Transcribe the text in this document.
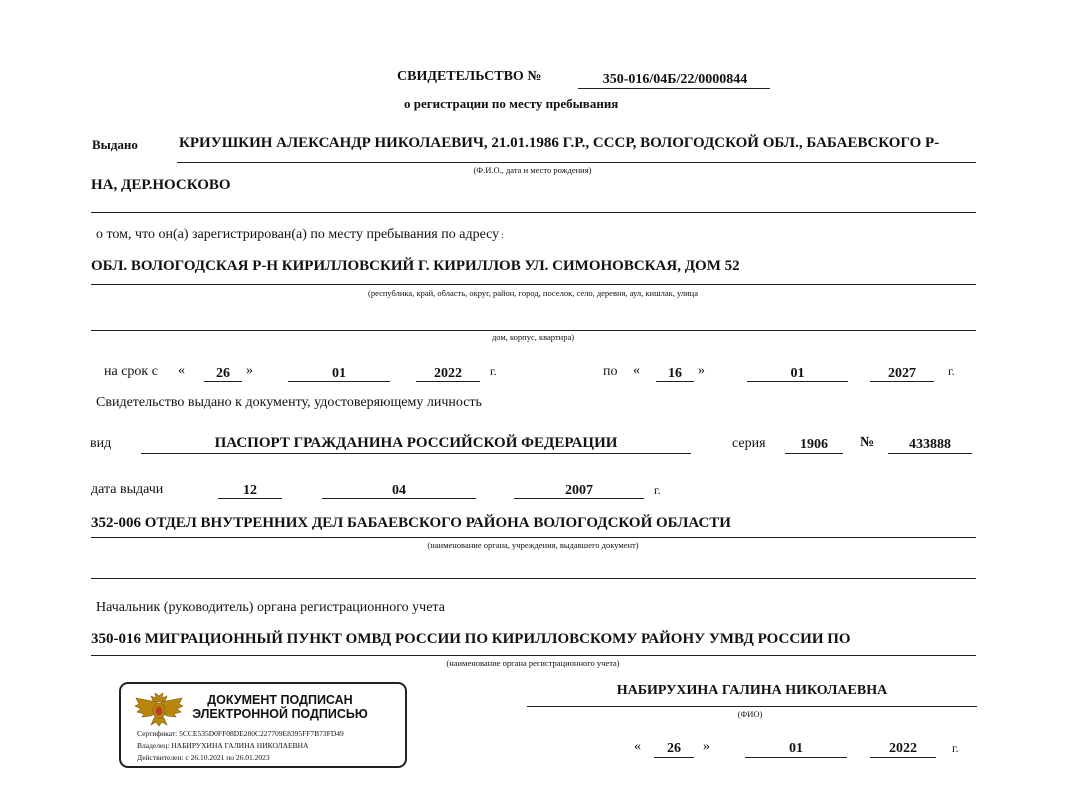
СВИДЕТЕЛЬСТВО №	350-016/04Б/22/0000844
о регистрации по месту пребывания
Выдано	КРИУШКИН АЛЕКСАНДР НИКОЛАЕВИЧ, 21.01.1986 Г.Р., СССР, ВОЛОГОДСКОЙ ОБЛ., БАБАЕВСКОГО Р-
(Ф.И.О., дата и место рождения)
НА, ДЕР.НОСКОВО
о том, что он(а) зарегистрирован(а) по месту пребывания по адресу :
ОБЛ. ВОЛОГОДСКАЯ Р-Н КИРИЛЛОВСКИЙ Г. КИРИЛЛОВ УЛ. СИМОНОВСКАЯ, ДОМ 52
(республика, край, область, округ, район, город, поселок, село, деревня, аул, кишлак, улица
дом, корпус, квартира)
на срок с «	26	»	01	2022	г.	по «	16	»	01	2027	г.
Свидетельство выдано к документу, удостоверяющему личность
вид	ПАСПОРТ ГРАЖДАНИНА РОССИЙСКОЙ ФЕДЕРАЦИИ	серия	1906	№	433888
дата выдачи	12	04	2007	г.
352-006 ОТДЕЛ ВНУТРЕННИХ ДЕЛ БАБАЕВСКОГО РАЙОНА ВОЛОГОДСКОЙ ОБЛАСТИ
(наименование органа, учреждения, выдавшего документ)
Начальник (руководитель) органа регистрационного учета
350-016 МИГРАЦИОННЫЙ ПУНКТ ОМВД РОССИИ ПО КИРИЛЛОВСКОМУ РАЙОНУ УМВД РОССИИ ПО
(наименование органа регистрационного учета)
НАБИРУХИНА ГАЛИНА НИКОЛАЕВНА
(ФИО)
«	26	»	01	2022	г.
ДОКУМЕНТ ПОДПИСАН
ЭЛЕКТРОННОЙ ПОДПИСЬЮ
Сертификат: 5CCE535D0FF08DE280C227709E8395FF7B73FD49
Владелец: НАБИРУХИНА ГАЛИНА НИКОЛАЕВНА
Действителен: с 26.10.2021 по 26.01.2023
